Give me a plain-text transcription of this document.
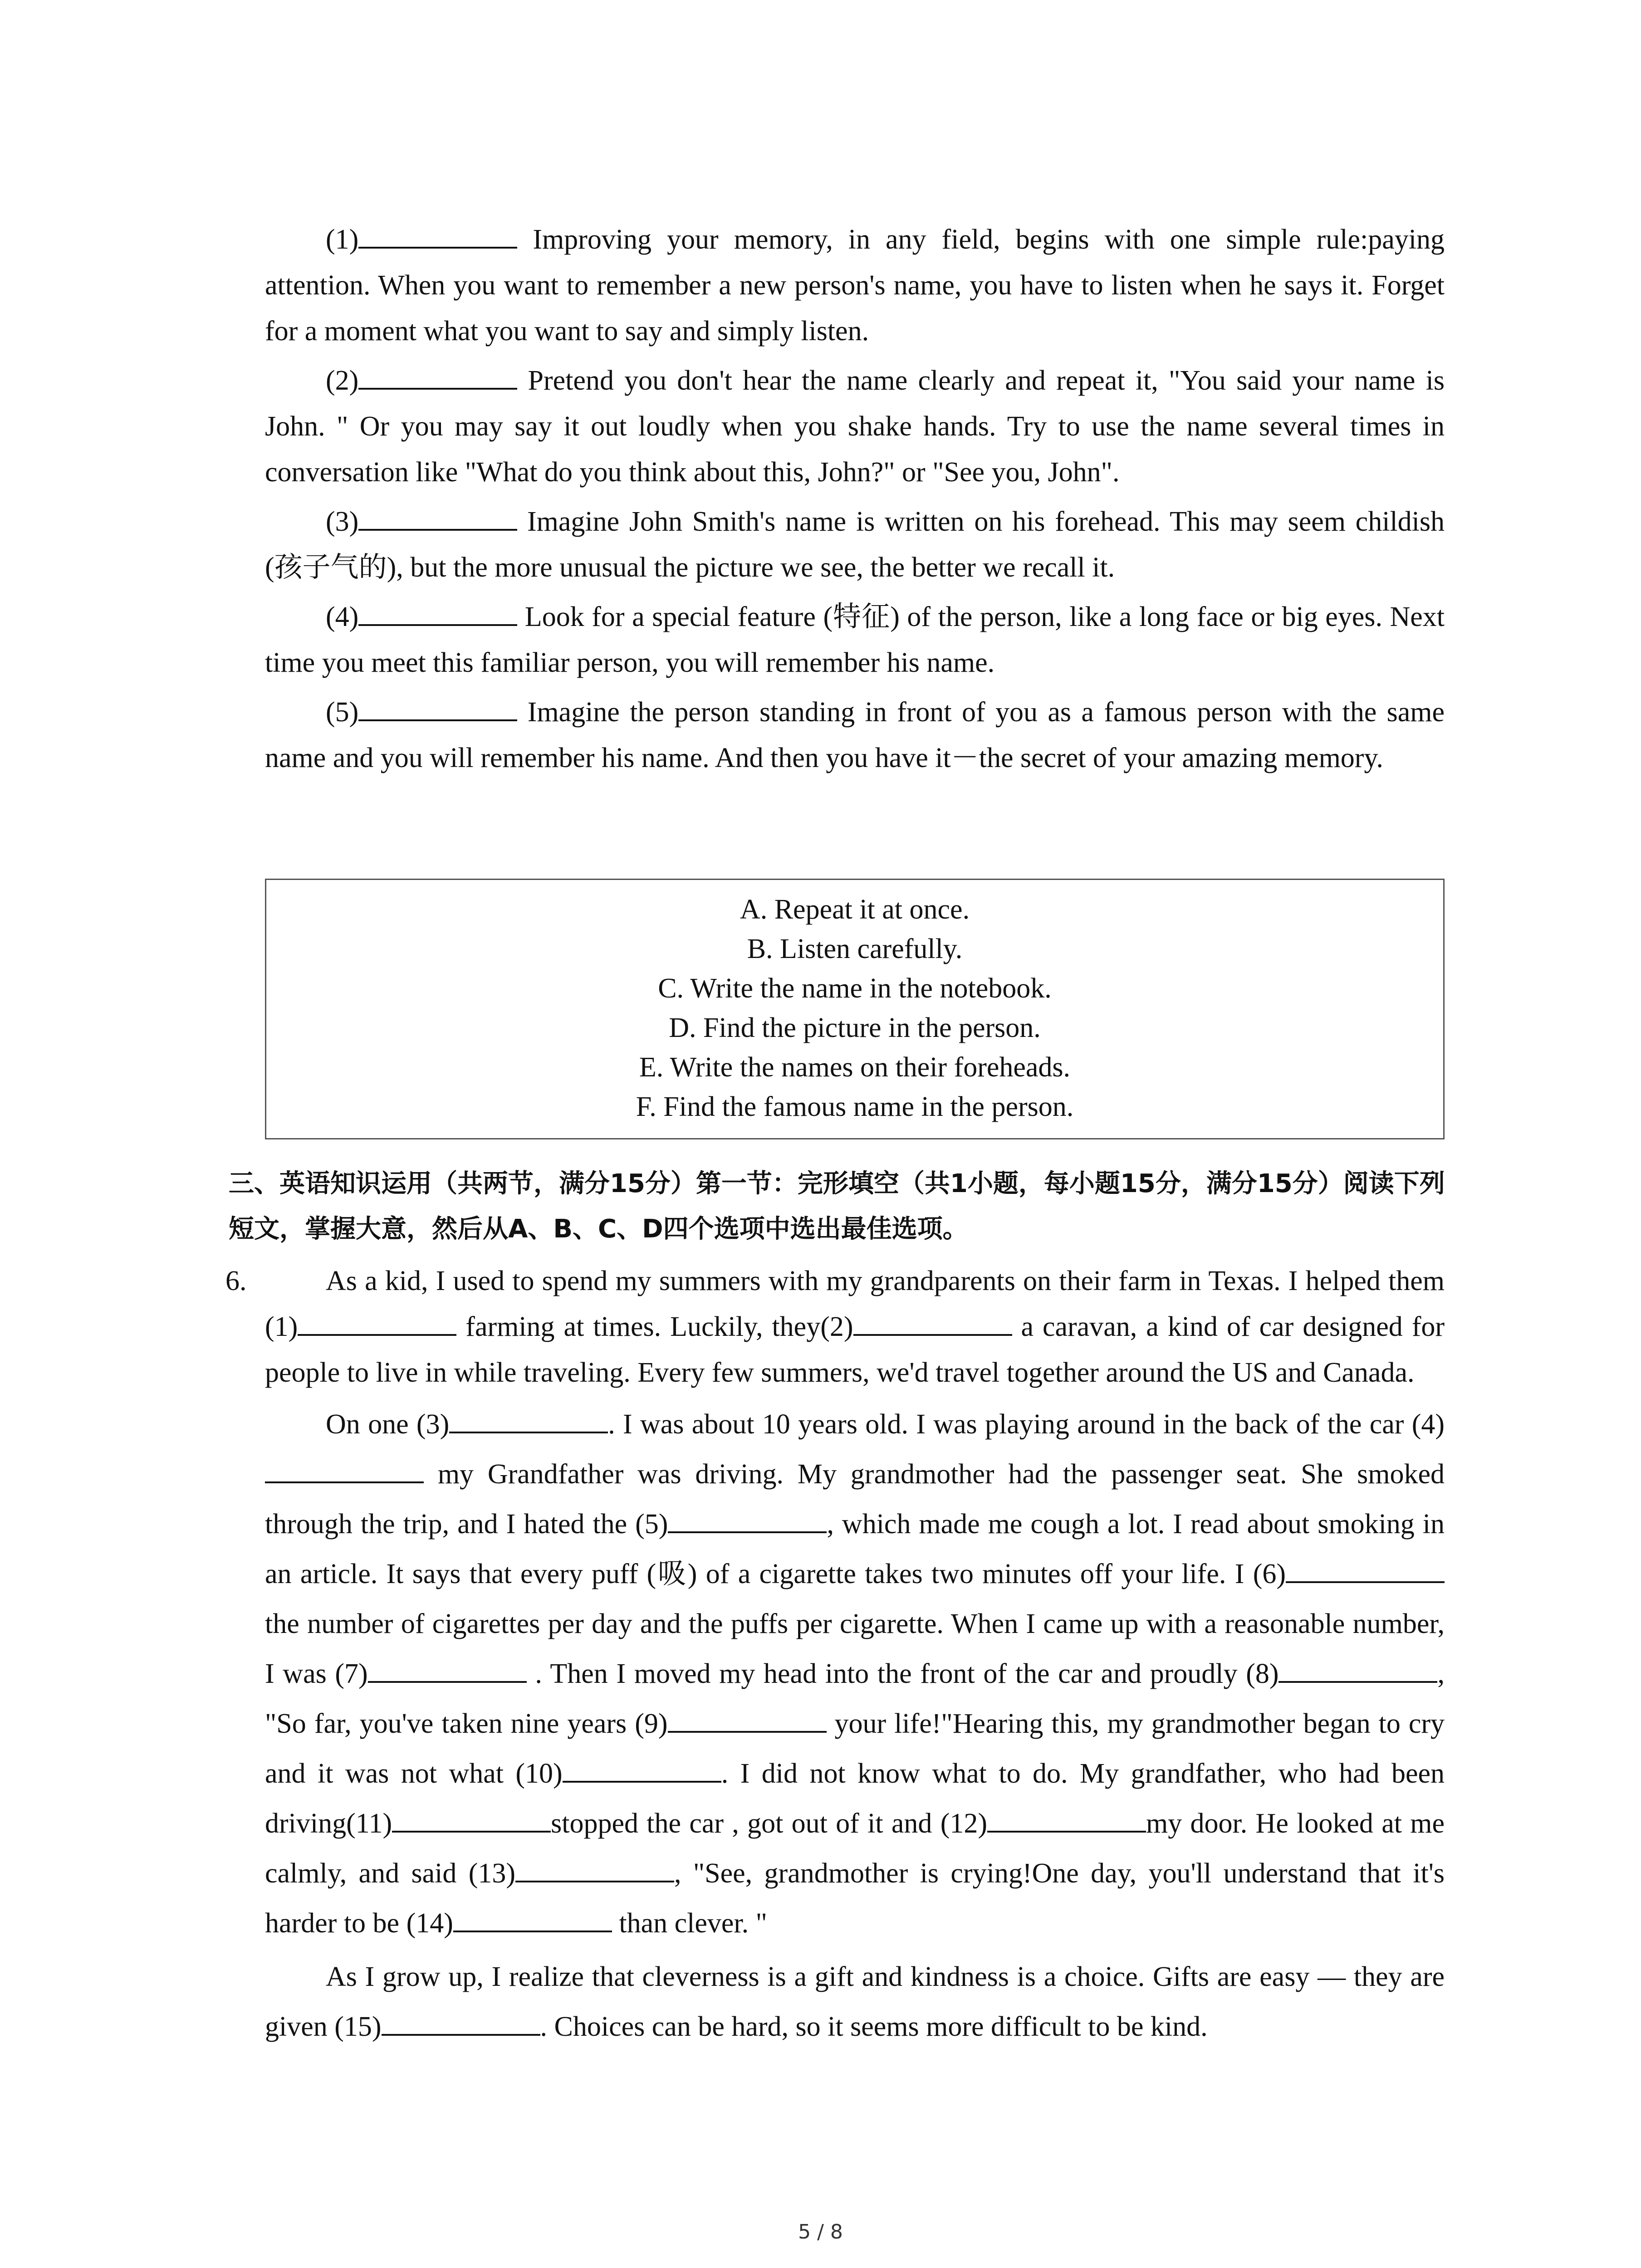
(1)	Improving your memory, in any field, begins with one simple rule:paying attention. When you want to remember a new person's name, you have to listen when he says it. Forget for a moment what you want to say and simply listen.

(2)	Pretend you don't hear the name clearly and repeat it, "You said your name is John. " Or you may say it out loudly when you shake hands. Try to use the name several times in conversation like "What do you think about this, John?" or "See you, John".

(3)	Imagine John Smith's name is written on his forehead. This may seem childish (孩子气的), but the more unusual the picture we see, the better we recall it.

(4)	Look for a special feature (特征) of the person, like a long face or big eyes. Next time you meet this familiar person, you will remember his name.

(5)	Imagine the person standing in front of you as a famous person with the same name and you will remember his name. And then you have it－the secret of your amazing memory.

A. Repeat it at once.

B. Listen carefully.

C. Write the name in the notebook.

D. Find the picture in the person.

E. Write the names on their foreheads.

F. Find the famous name in the person.

三、英语知识运用（共两节，满分15分）第一节：完形填空（共1小题，每小题15分，满分15分）阅读下列短文，掌握大意，然后从A、B、C、D四个选项中选出最佳选项。

6.	As a kid, I used to spend my summers with my grandparents on their farm in Texas. I helped them (1)	farming at times. Luckily, they(2)	a caravan, a kind of car designed for people to live in while traveling. Every few summers, we'd travel together around the US and Canada.

On one (3)	. I was about 10 years old. I was playing around in the back of the car (4) my Grandfather was driving. My grandmother had the passenger seat. She smoked through the trip, and I hated the (5)	, which made me cough a lot. I read about smoking in an article. It says that every puff (吸) of a cigarette takes two minutes off your life. I (6) the number of cigarettes per day and the puffs per cigarette. When I came up with a reasonable number, I was (7)	. Then I moved my head into the front of the car and proudly (8)	, "So far, you've taken nine years (9)	your life!"Hearing this, my grandmother began to cry and it was not what (10)	. I did not know what to do. My grandfather, who had been driving(11)	stopped the car , got out of it and (12)	my door. He looked at me calmly, and said (13)	, "See, grandmother is crying!One day, you'll understand that it's harder to be (14)	than clever. "

As I grow up, I realize that cleverness is a gift and kindness is a choice. Gifts are easy — they are given (15)	. Choices can be hard, so it seems more difficult to be kind.

5 / 8
